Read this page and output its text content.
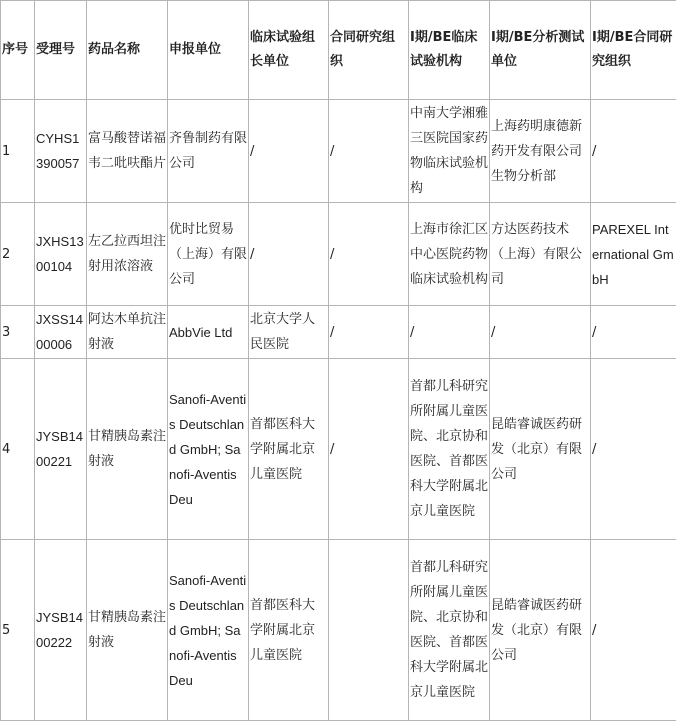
序号	受理号	药品名称	申报单位	临床试验组长单位	合同研究组织	I期/BE临床试验机构	I期/BE分析测试单位	I期/BE合同研究组织
1	CYHS1390057	富马酸替诺福韦二吡呋酯片	齐鲁制药有限公司	/	/	中南大学湘雅三医院国家药物临床试验机构	上海药明康德新药开发有限公司生物分析部	/
2	JXHS1300104	左乙拉西坦注射用浓溶液	优时比贸易（上海）有限公司	/	/	上海市徐汇区中心医院药物临床试验机构	方达医药技术（上海）有限公司	PAREXEL International GmbH
3	JXSS1400006	阿达木单抗注射液	AbbVie Ltd	北京大学人民医院	/	/	/	/
4	JYSB1400221	甘精胰岛素注射液	Sanofi-Aventis Deutschland GmbH; Sanofi-Aventis Deu	首都医科大学附属北京儿童医院	/	首都儿科研究所附属儿童医院、北京协和医院、首都医科大学附属北京儿童医院	昆皓睿诚医药研发（北京）有限公司	/
5	JYSB1400222	甘精胰岛素注射液	Sanofi-Aventis Deutschland GmbH; Sanofi-Aventis Deu	首都医科大学附属北京儿童医院		首都儿科研究所附属儿童医院、北京协和医院、首都医科大学附属北京儿童医院	昆皓睿诚医药研发（北京）有限公司	/
